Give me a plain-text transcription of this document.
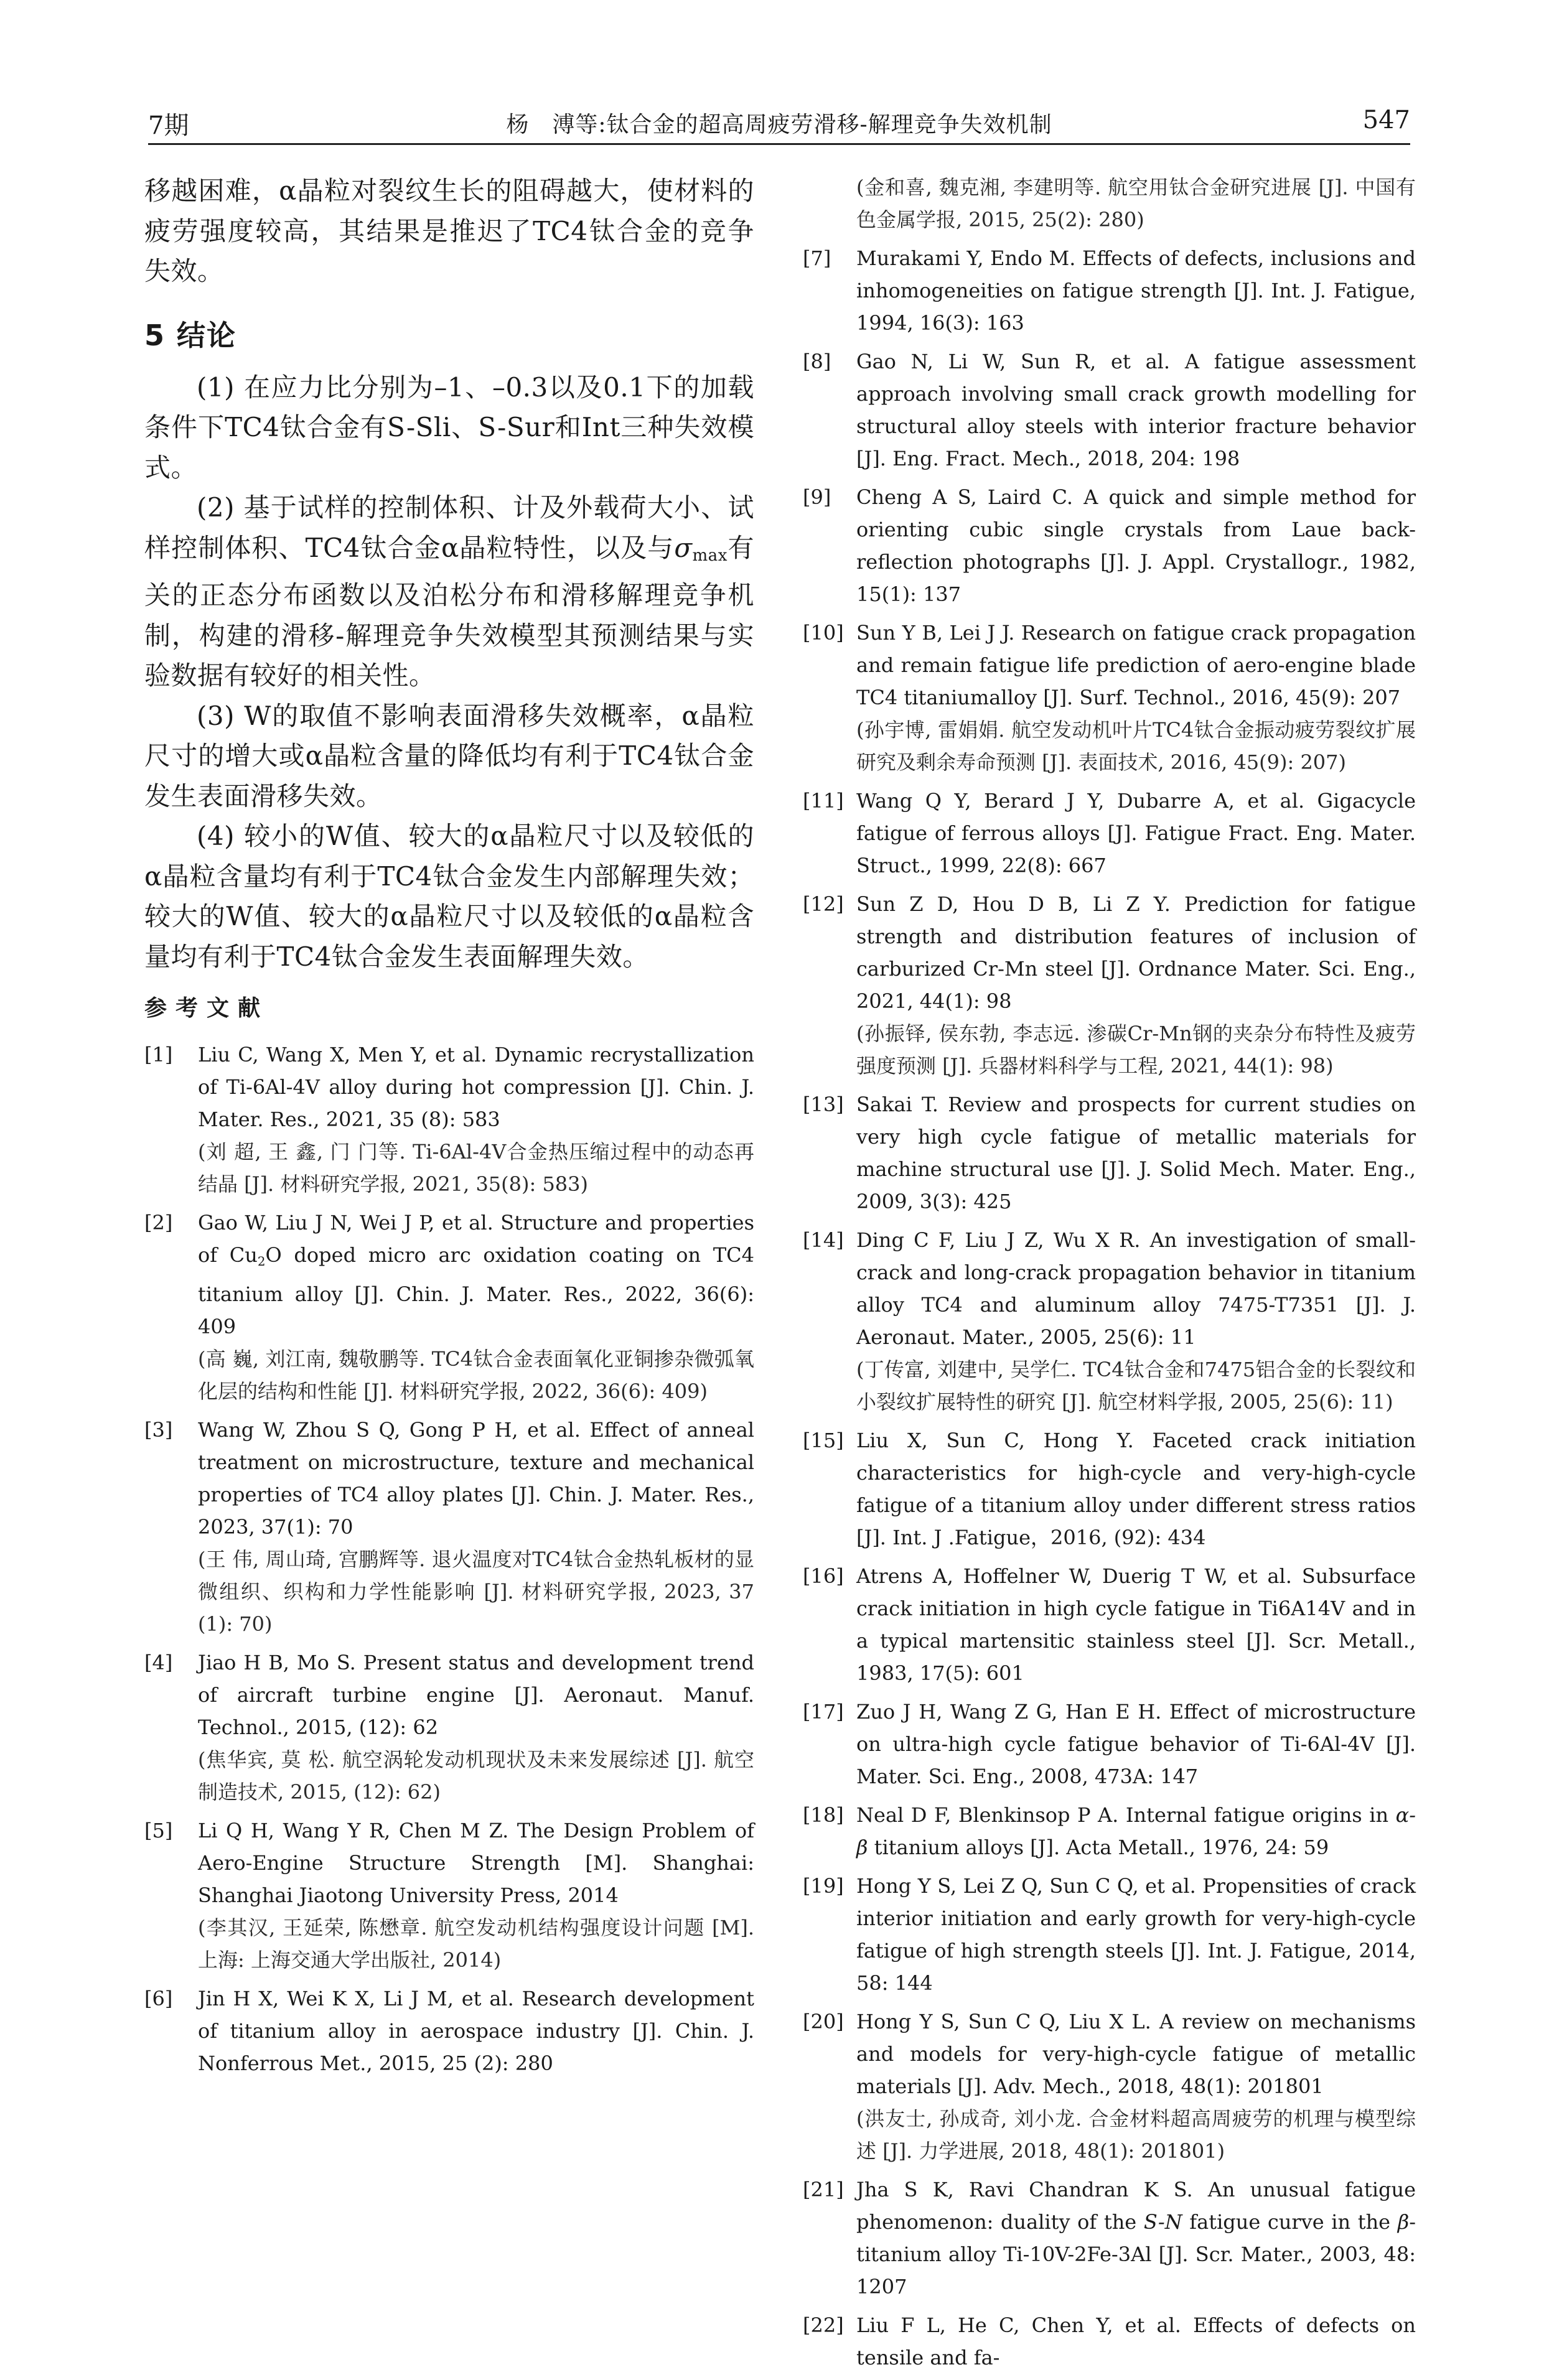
7期	杨　溥等:钛合金的超高周疲劳滑移-解理竞争失效机制	547

移越困难，α晶粒对裂纹生长的阻碍越大，使材料的疲劳强度较高，其结果是推迟了TC4钛合金的竞争失效。

5 结论

(1) 在应力比分别为–1、–0.3以及0.1下的加载条件下TC4钛合金有S-Sli、S-Sur和Int三种失效模式。

(2) 基于试样的控制体积、计及外载荷大小、试样控制体积、TC4钛合金α晶粒特性，以及与$\sigma_{max}$有关的正态分布函数以及泊松分布和滑移解理竞争机制，构建的滑移-解理竞争失效模型其预测结果与实验数据有较好的相关性。

(3) W的取值不影响表面滑移失效概率，α晶粒尺寸的增大或α晶粒含量的降低均有利于TC4钛合金发生表面滑移失效。

(4) 较小的W值、较大的α晶粒尺寸以及较低的α晶粒含量均有利于TC4钛合金发生内部解理失效；较大的W值、较大的α晶粒尺寸以及较低的α晶粒含量均有利于TC4钛合金发生表面解理失效。

参考文献
[1] Liu C, Wang X, Men Y, et al. Dynamic recrystallization of Ti-6Al-4V alloy during hot compression [J]. Chin. J. Mater. Res., 2021, 35 (8): 583
(刘 超, 王 鑫, 门 门等. Ti-6Al-4V合金热压缩过程中的动态再结晶 [J]. 材料研究学报, 2021, 35(8): 583)
[2] Gao W, Liu J N, Wei J P, et al. Structure and properties of $Cu_2O$ doped micro arc oxidation coating on TC4 titanium alloy [J]. Chin. J. Mater. Res., 2022, 36(6): 409
(高 巍, 刘江南, 魏敬鹏等. TC4钛合金表面氧化亚铜掺杂微弧氧化层的结构和性能 [J]. 材料研究学报, 2022, 36(6): 409)
[3] Wang W, Zhou S Q, Gong P H, et al. Effect of anneal treatment on microstructure, texture and mechanical properties of TC4 alloy plates [J]. Chin. J. Mater. Res., 2023, 37(1): 70
(王 伟, 周山琦, 宫鹏辉等. 退火温度对TC4钛合金热轧板材的显微组织、织构和力学性能影响 [J]. 材料研究学报, 2023, 37 (1): 70)
[4] Jiao H B, Mo S. Present status and development trend of aircraft turbine engine [J]. Aeronaut. Manuf. Technol., 2015, (12): 62
(焦华宾, 莫 松. 航空涡轮发动机现状及未来发展综述 [J]. 航空制造技术, 2015, (12): 62)
[5] Li Q H, Wang Y R, Chen M Z. The Design Problem of Aero-Engine Structure Strength [M]. Shanghai: Shanghai Jiaotong University Press, 2014
(李其汉, 王延荣, 陈懋章. 航空发动机结构强度设计问题 [M]. 上海: 上海交通大学出版社, 2014)
[6] Jin H X, Wei K X, Li J M, et al. Research development of titanium alloy in aerospace industry [J]. Chin. J. Nonferrous Met., 2015, 25 (2): 280

(金和喜, 魏克湘, 李建明等. 航空用钛合金研究进展 [J]. 中国有色金属学报, 2015, 25(2): 280)

[7] Murakami Y, Endo M. Effects of defects, inclusions and inhomogeneities on fatigue strength [J]. Int. J. Fatigue, 1994, 16(3): 163
[8] Gao N, Li W, Sun R, et al. A fatigue assessment approach involving small crack growth modelling for structural alloy steels with interior fracture behavior [J]. Eng. Fract. Mech., 2018, 204: 198
[9] Cheng A S, Laird C. A quick and simple method for orienting cubic single crystals from Laue back-reflection photographs [J]. J. Appl. Crystallogr., 1982, 15(1): 137
[10] Sun Y B, Lei J J. Research on fatigue crack propagation and remain fatigue life prediction of aero-engine blade TC4 titaniumalloy [J]. Surf. Technol., 2016, 45(9): 207
(孙宇博, 雷娟娟. 航空发动机叶片TC4钛合金振动疲劳裂纹扩展研究及剩余寿命预测 [J]. 表面技术, 2016, 45(9): 207)
[11] Wang Q Y, Berard J Y, Dubarre A, et al. Gigacycle fatigue of ferrous alloys [J]. Fatigue Fract. Eng. Mater. Struct., 1999, 22(8): 667
[12] Sun Z D, Hou D B, Li Z Y. Prediction for fatigue strength and distribution features of inclusion of carburized Cr-Mn steel [J]. Ordnance Mater. Sci. Eng., 2021, 44(1): 98
(孙振铎, 侯东勃, 李志远. 渗碳Cr-Mn钢的夹杂分布特性及疲劳强度预测 [J]. 兵器材料科学与工程, 2021, 44(1): 98)
[13] Sakai T. Review and prospects for current studies on very high cycle fatigue of metallic materials for machine structural use [J]. J. Solid Mech. Mater. Eng., 2009, 3(3): 425
[14] Ding C F, Liu J Z, Wu X R. An investigation of small-crack and long-crack propagation behavior in titanium alloy TC4 and aluminum alloy 7475-T7351 [J]. J. Aeronaut. Mater., 2005, 25(6): 11
(丁传富, 刘建中, 吴学仁. TC4钛合金和7475铝合金的长裂纹和小裂纹扩展特性的研究 [J]. 航空材料学报, 2005, 25(6): 11)
[15] Liu X, Sun C, Hong Y. Faceted crack initiation characteristics for high-cycle and very-high-cycle fatigue of a titanium alloy under different stress ratios [J]. Int. J .Fatigue，2016, (92): 434
[16] Atrens A, Hoffelner W, Duerig T W, et al. Subsurface crack initiation in high cycle fatigue in Ti6A14V and in a typical martensitic stainless steel [J]. Scr. Metall., 1983, 17(5): 601
[17] Zuo J H, Wang Z G, Han E H. Effect of microstructure on ultra-high cycle fatigue behavior of Ti-6Al-4V [J]. Mater. Sci. Eng., 2008, 473A: 147
[18] Neal D F, Blenkinsop P A. Internal fatigue origins in α-β titanium alloys [J]. Acta Metall., 1976, 24: 59
[19] Hong Y S, Lei Z Q, Sun C Q, et al. Propensities of crack interior initiation and early growth for very-high-cycle fatigue of high strength steels [J]. Int. J. Fatigue, 2014, 58: 144
[20] Hong Y S, Sun C Q, Liu X L. A review on mechanisms and models for very-high-cycle fatigue of metallic materials [J]. Adv. Mech., 2018, 48(1): 201801
(洪友士, 孙成奇, 刘小龙. 合金材料超高周疲劳的机理与模型综述 [J]. 力学进展, 2018, 48(1): 201801)
[21] Jha S K, Ravi Chandran K S. An unusual fatigue phenomenon: duality of the S-N fatigue curve in the β-titanium alloy Ti-10V-2Fe-3Al [J]. Scr. Mater., 2003, 48: 1207
[22] Liu F L, He C, Chen Y, et al. Effects of defects on tensile and fa-
